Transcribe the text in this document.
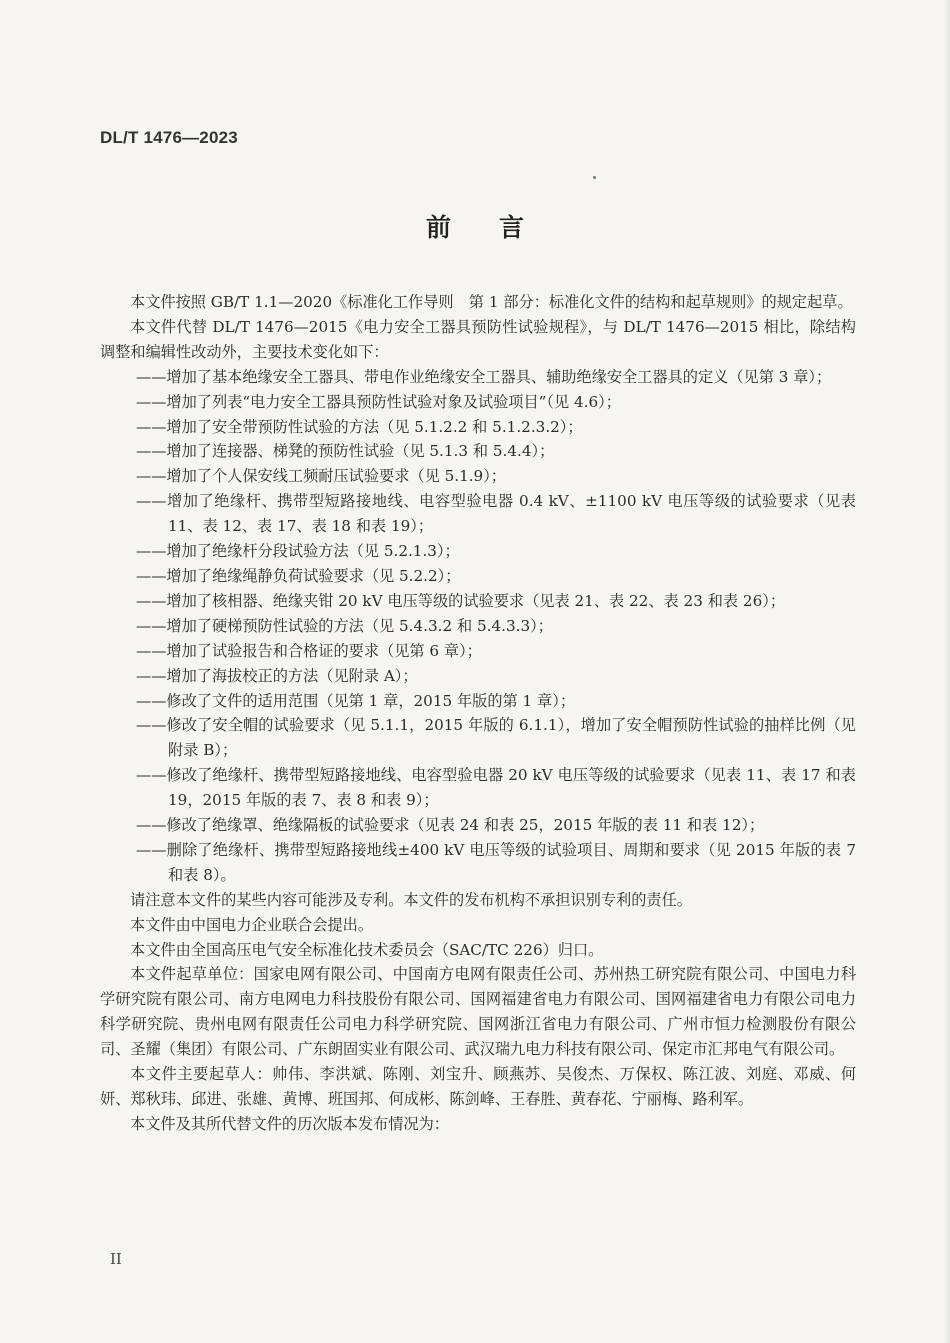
DL/T 1476—2023
前言

本文件按照 GB/T 1.1—2020《标准化工作导则　第 1 部分：标准化文件的结构和起草规则》的规定起草。

本文件代替 DL/T 1476—2015《电力安全工器具预防性试验规程》，与 DL/T 1476—2015 相比，除结构调整和编辑性改动外，主要技术变化如下：

——增加了基本绝缘安全工器具、带电作业绝缘安全工器具、辅助绝缘安全工器具的定义（见第 3 章）；

——增加了列表“电力安全工器具预防性试验对象及试验项目”（见 4.6）；

——增加了安全带预防性试验的方法（见 5.1.2.2 和 5.1.2.3.2）；

——增加了连接器、梯凳的预防性试验（见 5.1.3 和 5.4.4）；

——增加了个人保安线工频耐压试验要求（见 5.1.9）；

——增加了绝缘杆、携带型短路接地线、电容型验电器 0.4 kV、±1100 kV 电压等级的试验要求（见表 11、表 12、表 17、表 18 和表 19）；

——增加了绝缘杆分段试验方法（见 5.2.1.3）；

——增加了绝缘绳静负荷试验要求（见 5.2.2）；

——增加了核相器、绝缘夹钳 20 kV 电压等级的试验要求（见表 21、表 22、表 23 和表 26）；

——增加了硬梯预防性试验的方法（见 5.4.3.2 和 5.4.3.3）；

——增加了试验报告和合格证的要求（见第 6 章）；

——增加了海拔校正的方法（见附录 A）；

——修改了文件的适用范围（见第 1 章，2015 年版的第 1 章）；

——修改了安全帽的试验要求（见 5.1.1，2015 年版的 6.1.1），增加了安全帽预防性试验的抽样比例（见附录 B）；

——修改了绝缘杆、携带型短路接地线、电容型验电器 20 kV 电压等级的试验要求（见表 11、表 17 和表 19，2015 年版的表 7、表 8 和表 9）；

——修改了绝缘罩、绝缘隔板的试验要求（见表 24 和表 25，2015 年版的表 11 和表 12）；

——删除了绝缘杆、携带型短路接地线±400 kV 电压等级的试验项目、周期和要求（见 2015 年版的表 7 和表 8）。

请注意本文件的某些内容可能涉及专利。本文件的发布机构不承担识别专利的责任。

本文件由中国电力企业联合会提出。

本文件由全国高压电气安全标准化技术委员会（SAC/TC 226）归口。

本文件起草单位：国家电网有限公司、中国南方电网有限责任公司、苏州热工研究院有限公司、中国电力科学研究院有限公司、南方电网电力科技股份有限公司、国网福建省电力有限公司、国网福建省电力有限公司电力科学研究院、贵州电网有限责任公司电力科学研究院、国网浙江省电力有限公司、广州市恒力检测股份有限公司、圣耀（集团）有限公司、广东朗固实业有限公司、武汉瑞九电力科技有限公司、保定市汇邦电气有限公司。

本文件主要起草人：帅伟、李洪斌、陈刚、刘宝升、顾燕苏、吴俊杰、万保权、陈江波、刘庭、邓威、何妍、郑秋玮、邱进、张雄、黄博、班国邦、何成彬、陈剑峰、王春胜、黄春花、宁丽梅、路利军。

本文件及其所代替文件的历次版本发布情况为：

II
